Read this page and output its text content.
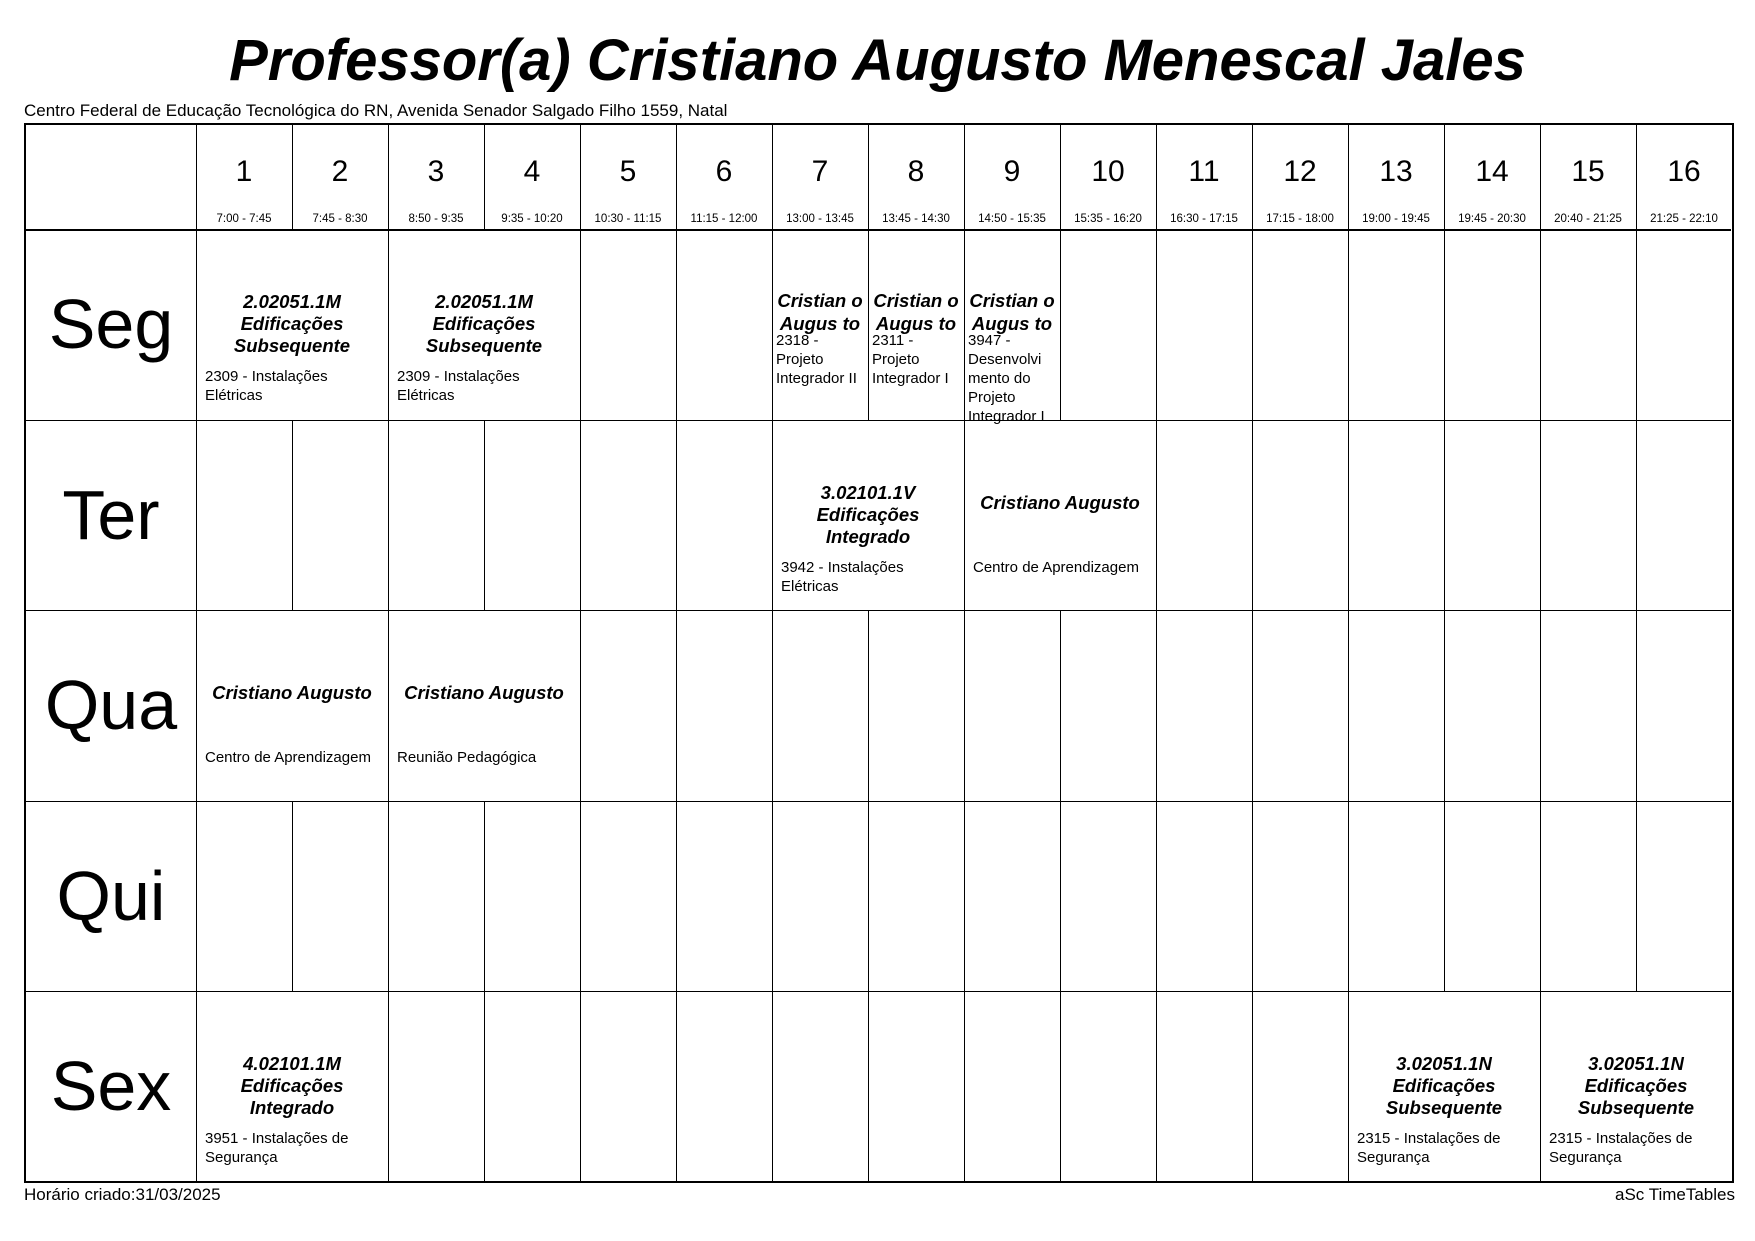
Professor(a) Cristiano Augusto Menescal Jales
Centro Federal de Educação Tecnológica do RN, Avenida Senador Salgado Filho 1559, Natal
1
7:00 - 7:45
2
7:45 - 8:30
3
8:50 - 9:35
4
9:35 - 10:20
5
10:30 - 11:15
6
11:15 - 12:00
7
13:00 - 13:45
8
13:45 - 14:30
9
14:50 - 15:35
10
15:35 - 16:20
11
16:30 - 17:15
12
17:15 - 18:00
13
19:00 - 19:45
14
19:45 - 20:30
15
20:40 - 21:25
16
21:25 - 22:10
Seg
Ter
Qua
Qui
Sex
2.02051.1M Edificações Subsequente
2309 - Instalações Elétricas
2.02051.1M Edificações Subsequente
2309 - Instalações Elétricas
Cristian o Augus to
2318 - Projeto Integrador II
Cristian o Augus to
2311 - Projeto Integrador I
Cristian o Augus to
3947 - Desenvolvi mento do Projeto Integrador I
3.02101.1V Edificações Integrado
3942 - Instalações Elétricas
Cristiano Augusto
Centro de Aprendizagem
Cristiano Augusto
Centro de Aprendizagem
Cristiano Augusto
Reunião Pedagógica
4.02101.1M Edificações Integrado
3951 - Instalações de Segurança
3.02051.1N Edificações Subsequente
2315 - Instalações de Segurança
3.02051.1N Edificações Subsequente
2315 - Instalações de Segurança
Horário criado:31/03/2025	aSc TimeTables
